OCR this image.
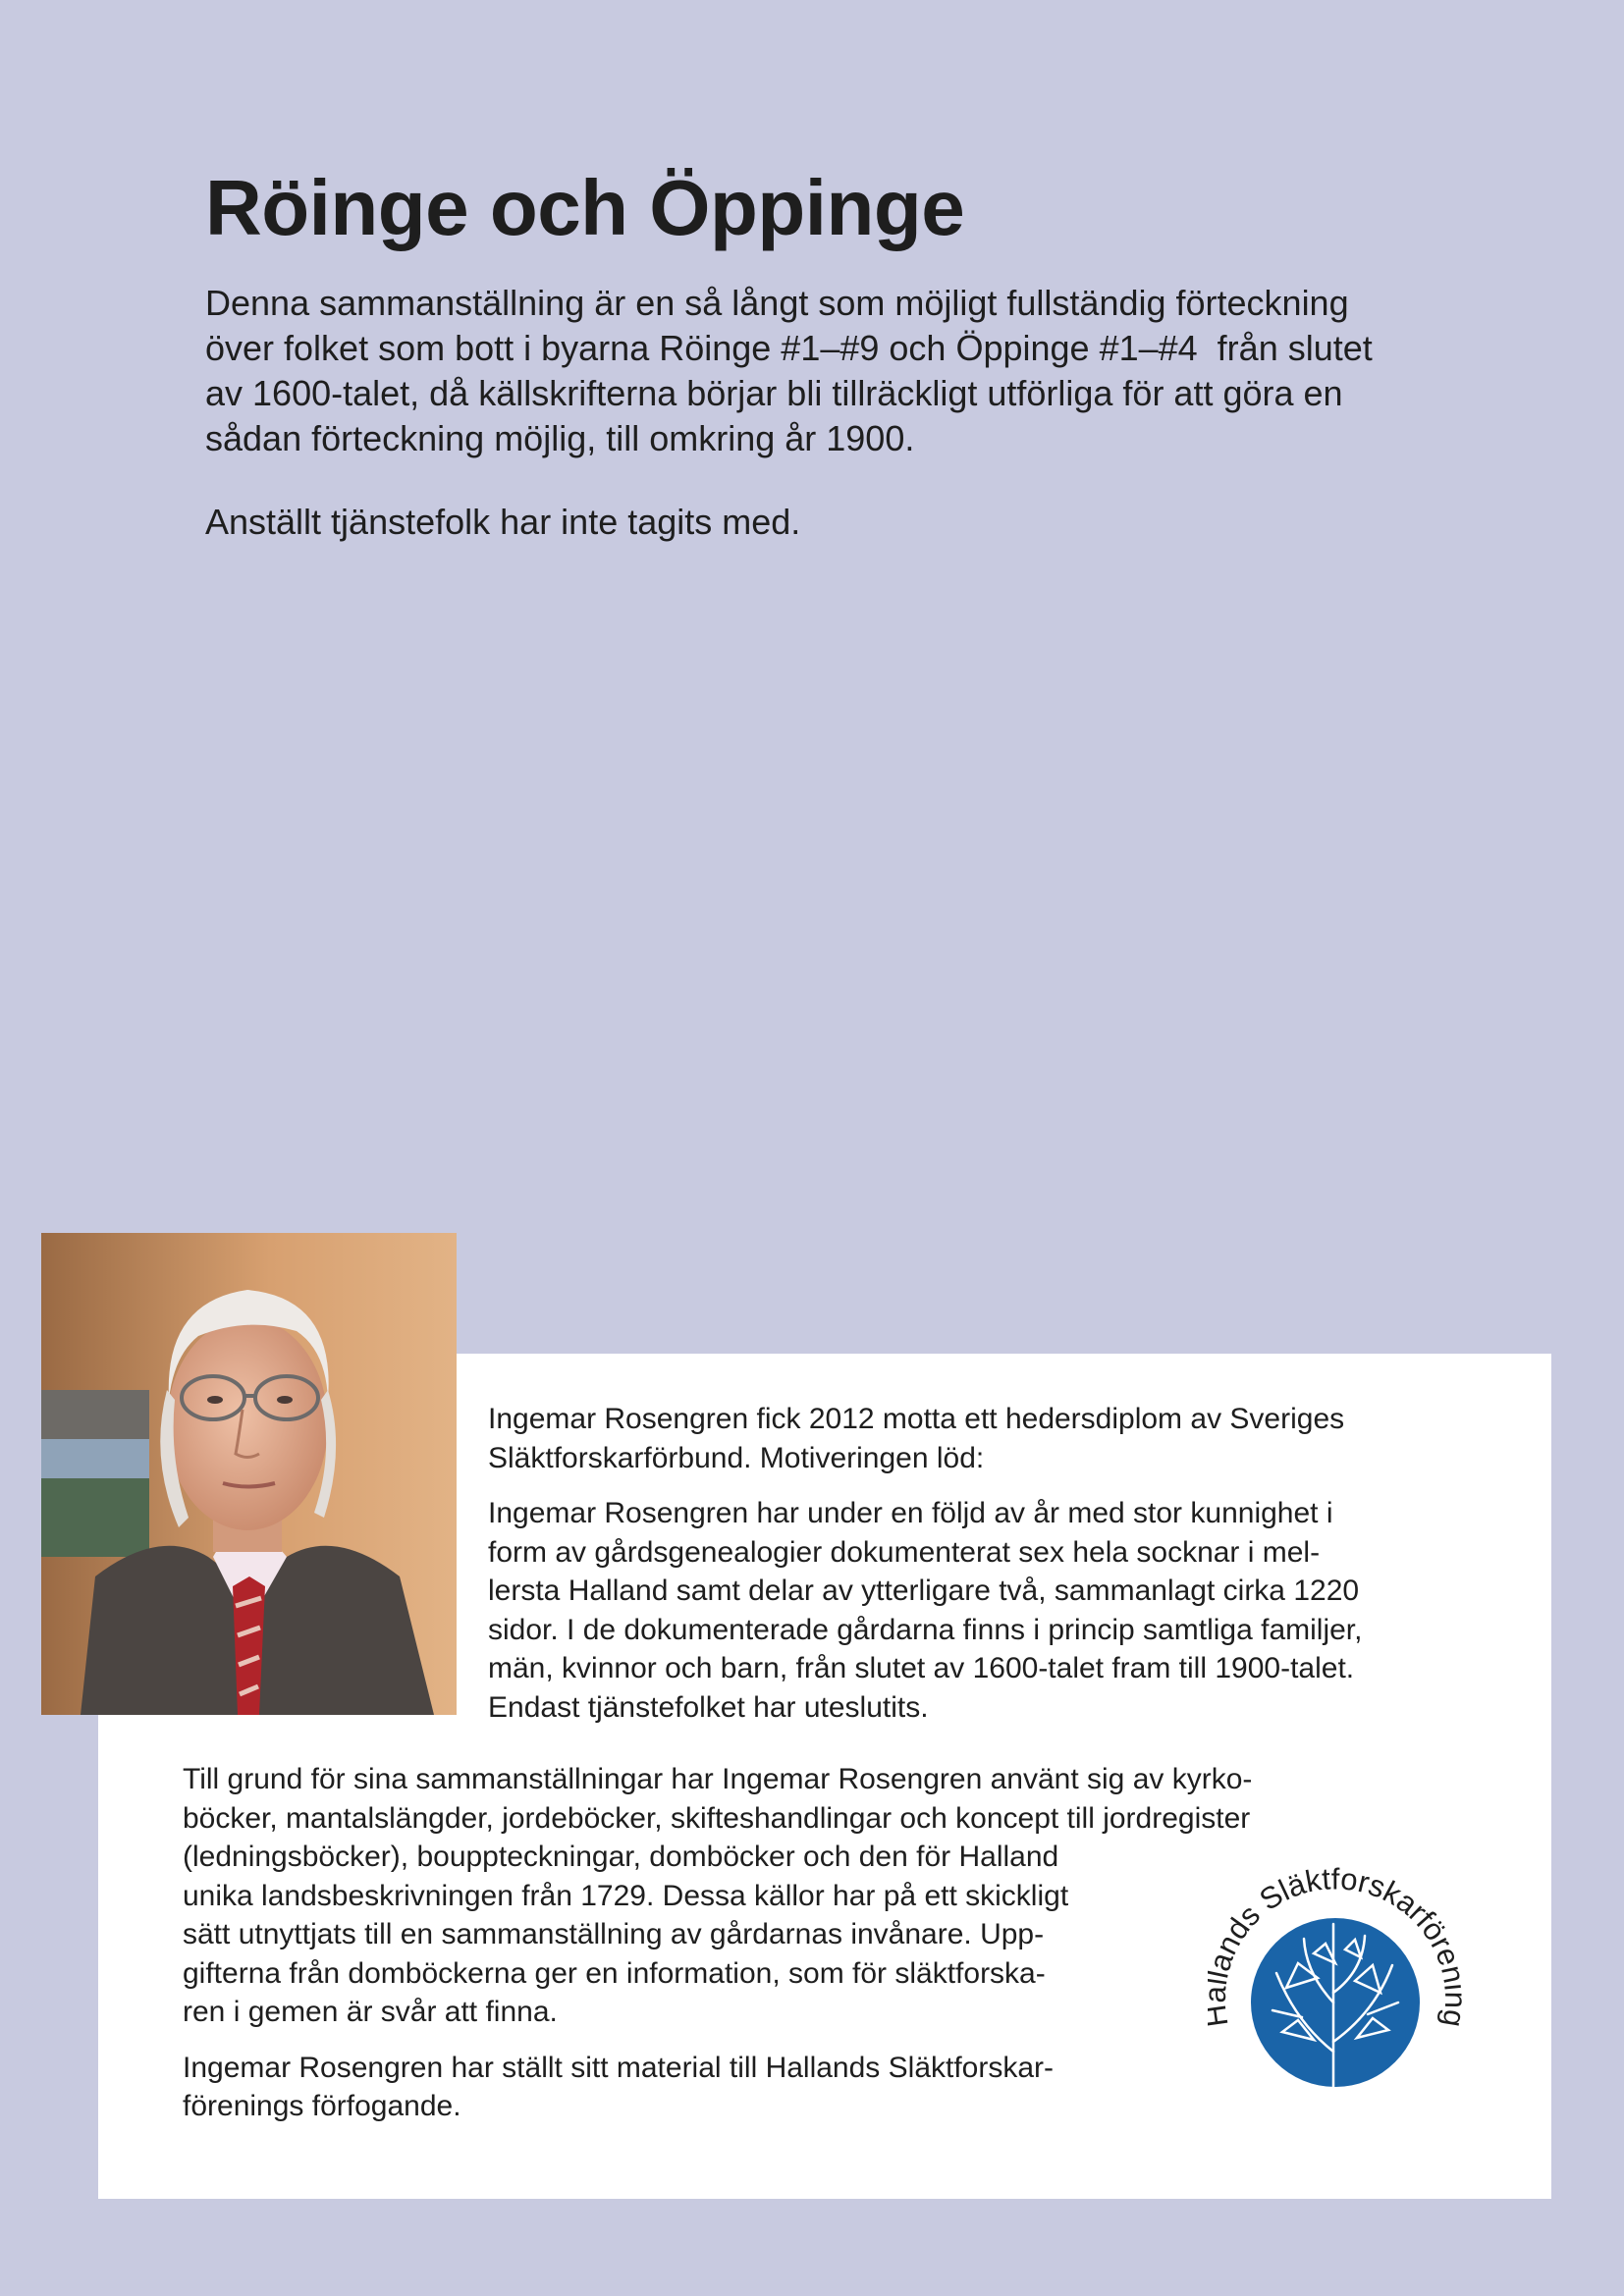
Röinge och Öppinge
Denna sammanställning är en så långt som möjligt fullständig förteckning
över folket som bott i byarna Röinge #1–#9 och Öppinge #1–#4  från slutet
av 1600-talet, då källskrifterna börjar bli tillräckligt utförliga för att göra en
sådan förteckning möjlig, till omkring år 1900.

Anställt tjänstefolk har inte tagits med.

Ingemar Rosengren fick 2012 motta ett hedersdiplom av Sveriges
Släktforskarförbund. Motiveringen löd:

Ingemar Rosengren har under en följd av år med stor kunnighet i
form av gårdsgenealogier dokumenterat sex hela socknar i mel-
lersta Halland samt delar av ytterligare två, sammanlagt cirka 1220
sidor. I de dokumenterade gårdarna finns i princip samtliga familjer,
män, kvinnor och barn, från slutet av 1600-talet fram till 1900-talet.
Endast tjänstefolket har uteslutits.

Till grund för sina sammanställningar har Ingemar Rosengren använt sig av kyrko-
böcker, mantalslängder, jordeböcker, skifteshandlingar och koncept till jordregister
(ledningsböcker), bouppteckningar, domböcker och den för Halland
unika landsbeskrivningen från 1729. Dessa källor har på ett skickligt
sätt utnyttjats till en sammanställning av gårdarnas invånare. Upp-
gifterna från domböckerna ger en information, som för släktforska-
ren i gemen är svår att finna.

Ingemar Rosengren har ställt sitt material till Hallands Släktforskar-
förenings förfogande.

nds Släktforskarför
